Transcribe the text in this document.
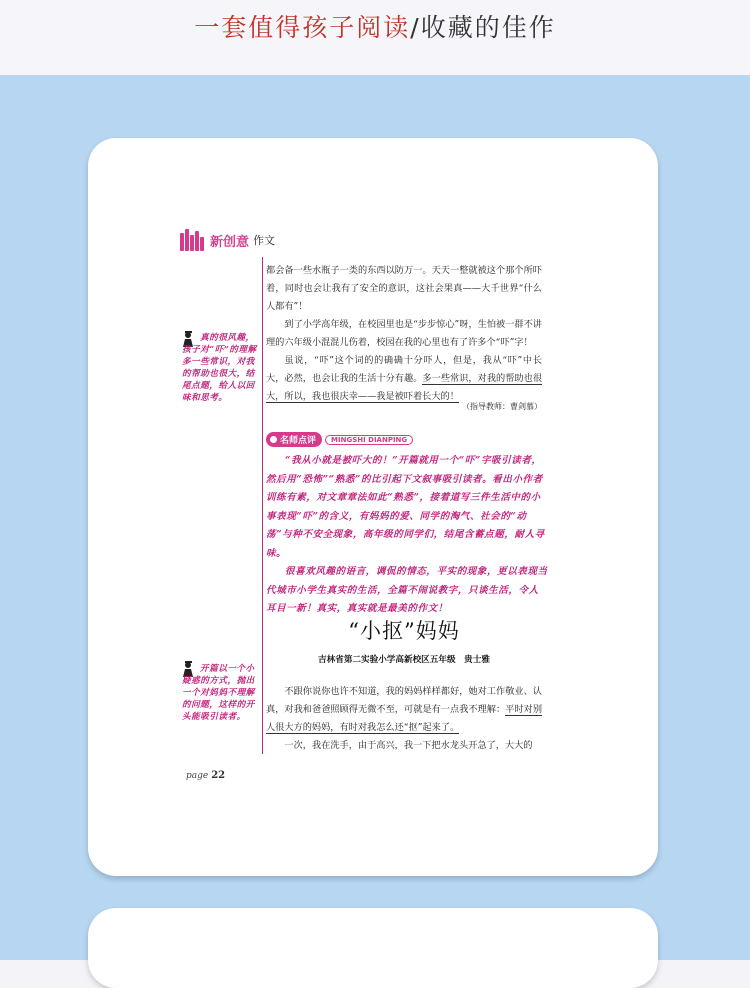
一套值得孩子阅读/收藏的佳作
新创意 作文

都会备一些水瓶子一类的东西以防万一。天天一整就被这个那个所吓着，同时也会让我有了安全的意识，这社会果真——大千世界“什么人都有”！

到了小学高年级，在校园里也是“步步惊心”呀，生怕被一群不讲理的六年级小混混儿伤着，校园在我的心里也有了许多个“吓”字！

虽说，“吓”这个词的的确确十分吓人，但是，我从“吓”中长大，必然，也会让我的生活十分有趣。多一些常识，对我的帮助也很大，所以，我也很庆幸——我是被吓着长大的！

（指导教师：曹剑慕）
真的很风趣，孩子对“吓”的理解多一些常识，对我的帮助也很大，结尾点题，给人以回味和思考。
名师点评	MINGSHI DIANPING

“我从小就是被吓大的！”开篇就用一个“吓”字吸引读者，然后用“恐怖”“熟悉”的比引起下文叙事吸引读者。看出小作者训练有素，对文章章法如此“熟悉”，接着道写三件生活中的小事表现“吓”的含义，有妈妈的爱、同学的淘气、社会的“动荡”与种不安全现象，高年级的同学们，结尾含蓄点题，耐人寻味。

很喜欢风趣的语言，调侃的情态，平实的现象，更以表现当代城市小学生真实的生活，全篇不闹说教字，只谈生活，令人耳目一新！真实，真实就是最美的作文！

“小抠”妈妈
吉林省第二实验小学高新校区五年级　贵士雅

不跟你说你也许不知道，我的妈妈样样都好，她对工作敬业、认真，对我和爸爸照顾得无微不至，可就是有一点我不理解：平时对别人很大方的妈妈，有时对我怎么还“抠”起来了。

一次，我在洗手，由于高兴，我一下把水龙头开急了，大大的

开篇以一个小疑惑的方式，抛出一个对妈妈不理解的问题，这样的开头能吸引读者。
page 22
